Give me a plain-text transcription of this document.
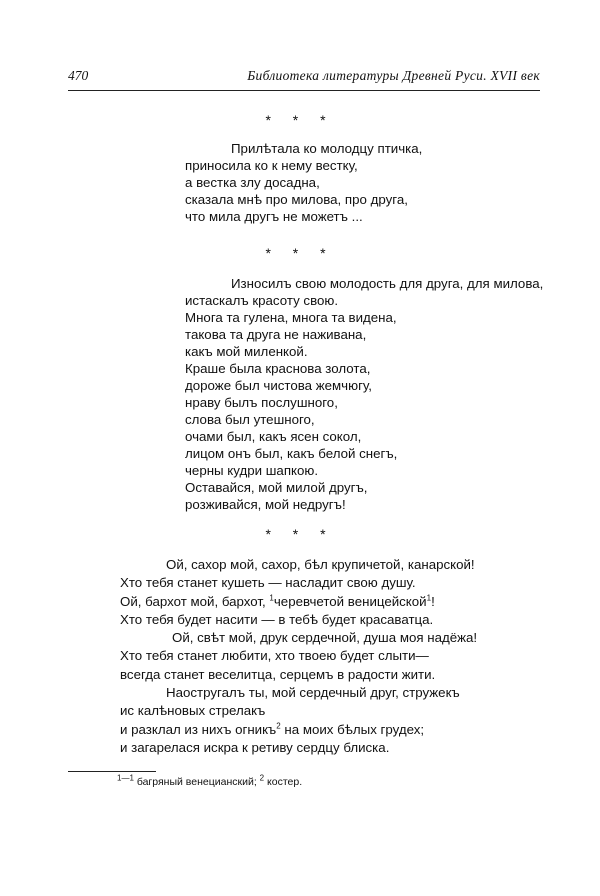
470	Библиотека литературы Древней Руси. XVII век
* * *
Прилѣтала ко молодцу птичка,
приносила ко к нему вестку,
а вестка злу досадна,
сказала мнѣ про милова, про друга,
что мила другъ не можетъ ...
* * *
Износилъ свою молодость для друга, для милова,
истаскалъ красоту свою.
Многа та гулена, многа та видена,
такова та друга не наживана,
какъ мой миленкой.
Краше была краснова золота,
дороже был чистова жемчюгу,
нраву былъ послушного,
слова был утешного,
очами был, какъ ясен сокол,
лицом онъ был, какъ белой снегъ,
черны кудри шапкою.
Оставайся, мой милой другъ,
розживайся, мой недругъ!
* * *
Ой, сахор мой, сахор, бѣл крупичетой, канарской!
Хто тебя станет кушеть — насладит свою душу.
Ой, бархот мой, бархот, $^1$черевчетой веницейской$^1$!
Хто тебя будет насити — в тебѣ будет красаватца.
Ой, свѣт мой, друк сердечной, душа моя надёжа!
Хто тебя станет любити, хто твоею будет слыти—
всегда станет веселитца, серцемъ в радости жити.
Наостругалъ ты, мой сердечный друг, стружекъ
ис калѣновых стрелакъ
и разклал из нихъ огникъ$^2$ на моих бѣлых грудех;
и загарелася искра к ретиву сердцу блиска.
$^{1—1}$ багряный венецианский; $^2$ костер.
